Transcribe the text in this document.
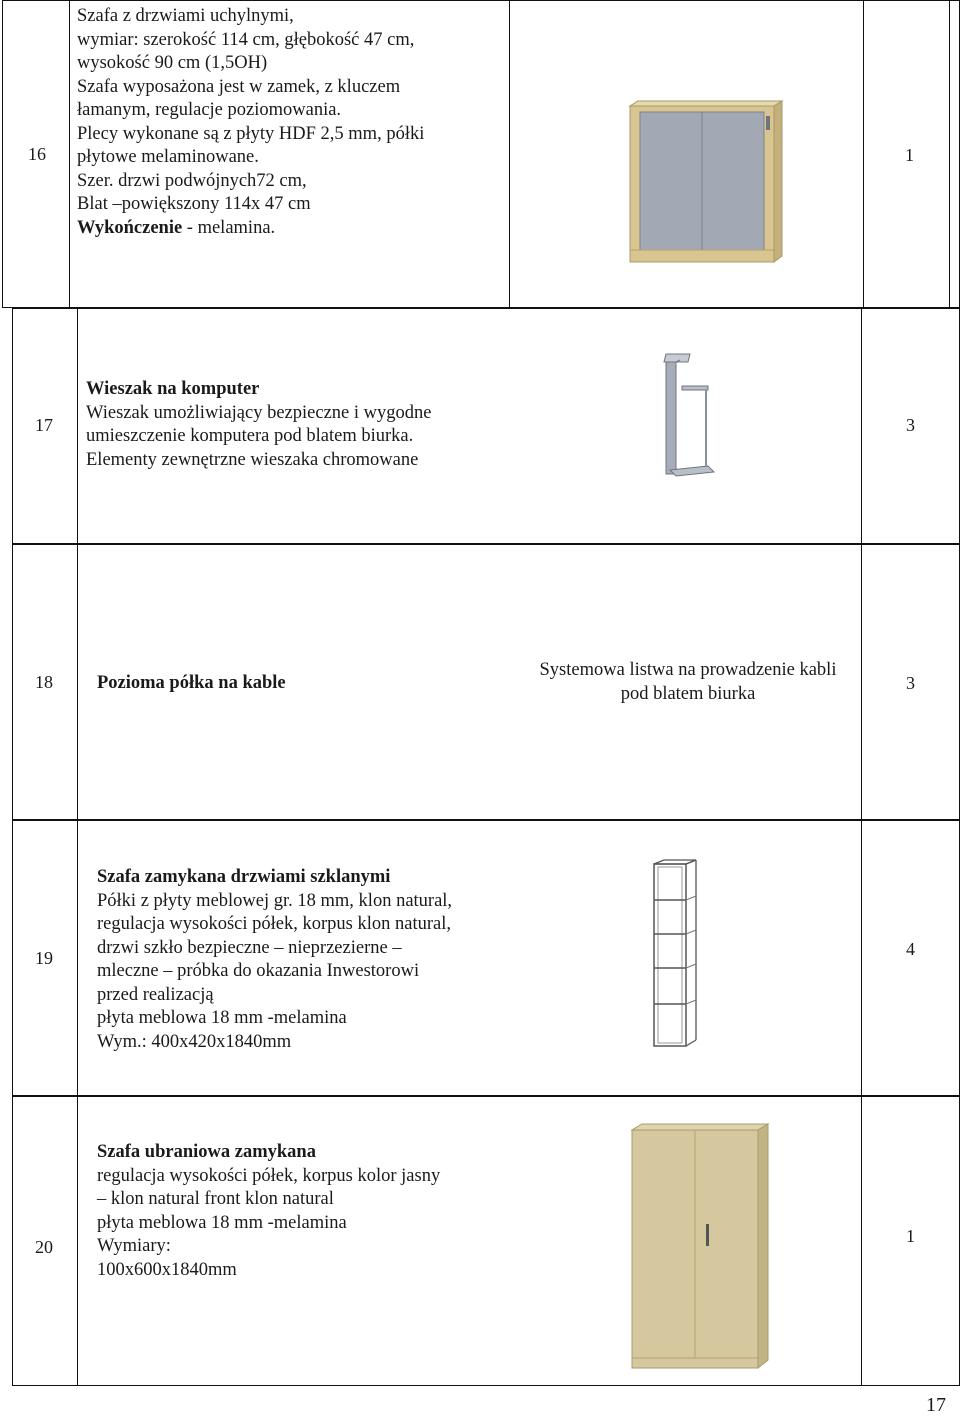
16
Szafa z drzwiami uchylnymi,
wymiar: szerokość 114 cm, głębokość 47 cm,
wysokość 90 cm (1,5OH)
Szafa wyposażona jest w zamek, z kluczem
łamanym, regulacje poziomowania.
Plecy wykonane są z płyty HDF 2,5 mm, półki
płytowe melaminowane.
Szer. drzwi podwójnych72 cm,
Blat –powiększony 114x 47 cm
Wykończenie - melamina.
1
17
Wieszak na komputer
Wieszak umożliwiający bezpieczne i wygodne
umieszczenie komputera pod blatem biurka.
Elementy zewnętrzne wieszaka chromowane
3
18 Pozioma półka na kable
Systemowa listwa na prowadzenie kabli
pod blatem biurka
3
19
Szafa zamykana drzwiami szklanymi
Półki z płyty meblowej gr. 18 mm, klon natural,
regulacja wysokości półek, korpus klon natural,
drzwi szkło bezpieczne – nieprzezierne –
mleczne – próbka do okazania Inwestorowi
przed realizacją
płyta meblowa 18 mm -melamina
Wym.: 400x420x1840mm
4
20
Szafa ubraniowa zamykana
regulacja wysokości półek, korpus kolor jasny
– klon natural front klon natural
płyta meblowa 18 mm -melamina
Wymiary:
100x600x1840mm
1
17
